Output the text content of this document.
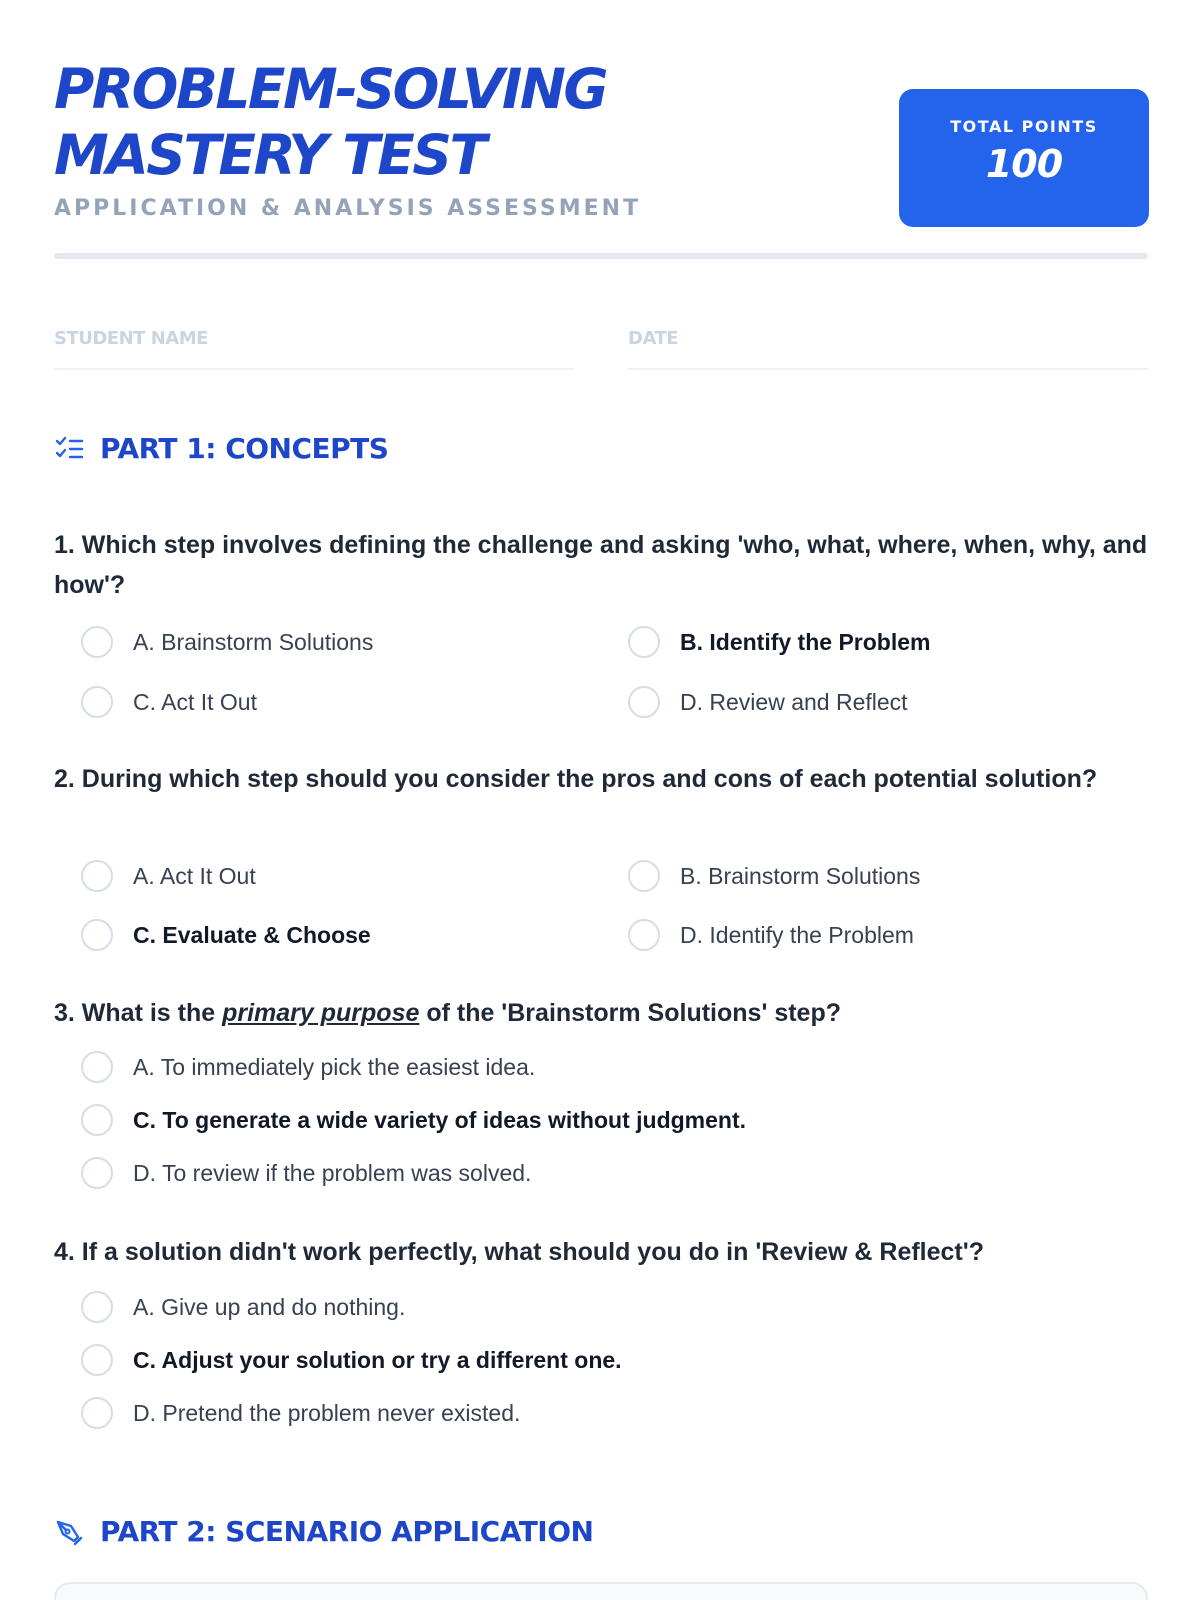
PROBLEM-SOLVING
MASTERY TEST
APPLICATION & ANALYSIS ASSESSMENT
TOTAL POINTS
100
STUDENT NAME	DATE
PART 1: CONCEPTS
1. Which step involves defining the challenge and asking 'who, what, where, when, why, and how'?
A. Brainstorm Solutions	B. Identify the Problem
C. Act It Out	D. Review and Reflect
2. During which step should you consider the pros and cons of each potential solution?
A. Act It Out	B. Brainstorm Solutions
C. Evaluate & Choose	D. Identify the Problem
3. What is the primary purpose of the 'Brainstorm Solutions' step?
A. To immediately pick the easiest idea.
C. To generate a wide variety of ideas without judgment.
D. To review if the problem was solved.
4. If a solution didn't work perfectly, what should you do in 'Review & Reflect'?
A. Give up and do nothing.
C. Adjust your solution or try a different one.
D. Pretend the problem never existed.
PART 2: SCENARIO APPLICATION
